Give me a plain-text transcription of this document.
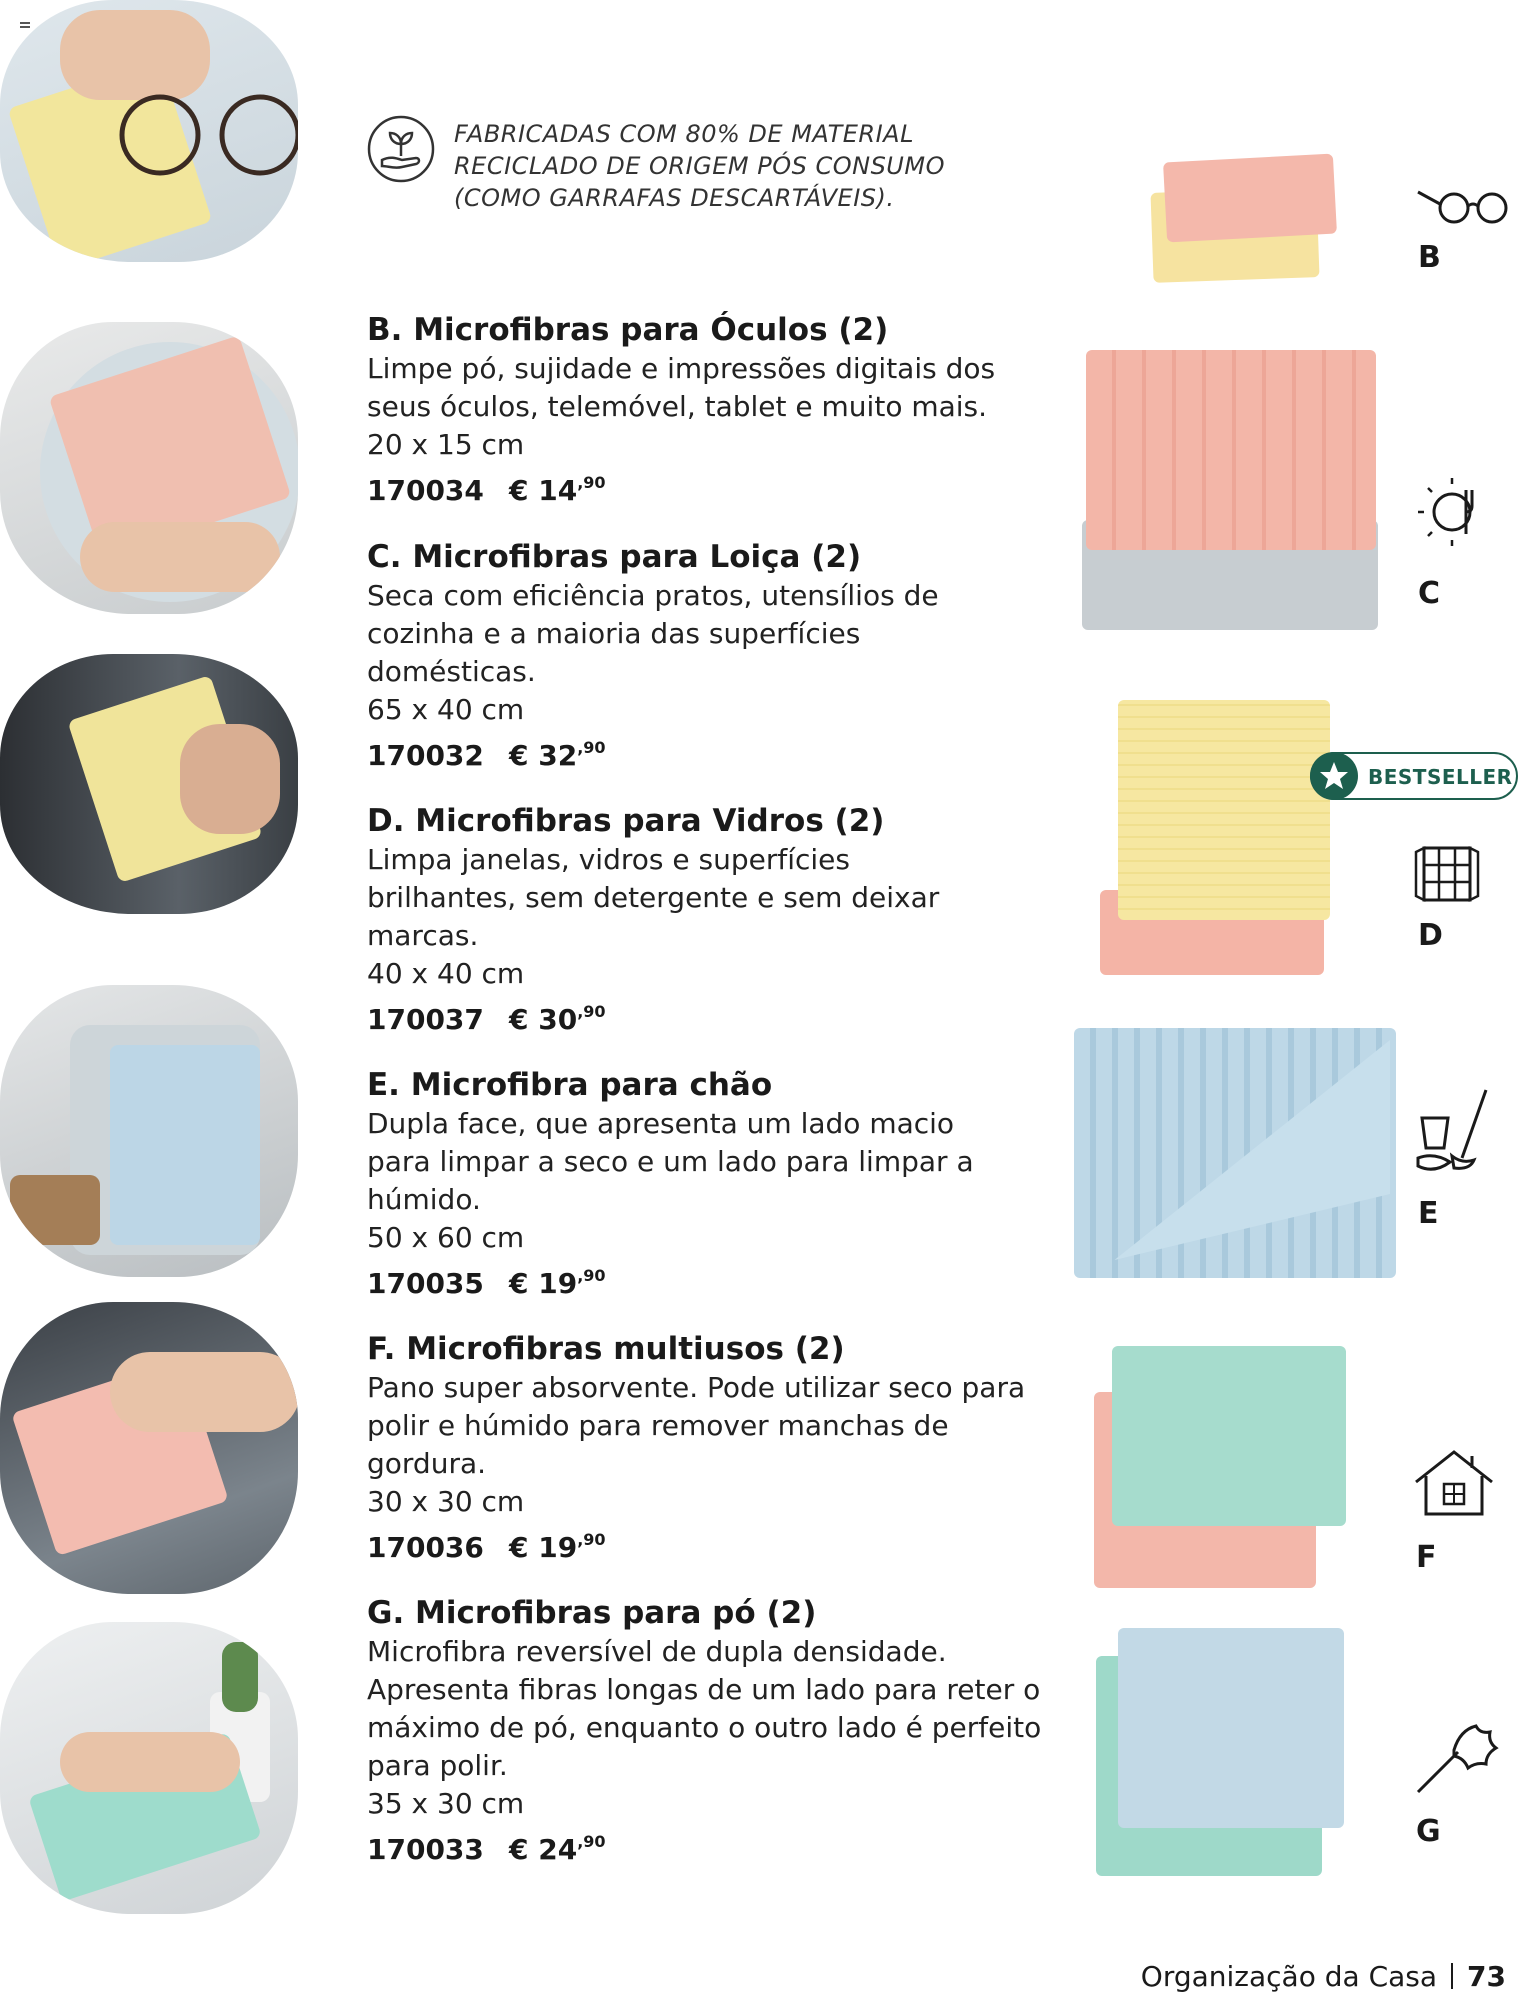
FABRICADAS COM 80% DE MATERIAL
RECICLADO DE ORIGEM PÓS CONSUMO
(COMO GARRAFAS DESCARTÁVEIS).
B. Microfibras para Óculos (2)
Limpe pó, sujidade e impressões digitais dos seus óculos, telemóvel, tablet e muito mais.
20 x 15 cm
170034 € $14^{,90}$
C. Microfibras para Loiça (2)
Seca com eficiência pratos, utensílios de cozinha e a maioria das superfícies domésticas.
65 x 40 cm
170032 € $32^{,90}$
D. Microfibras para Vidros (2)
Limpa janelas, vidros e superfícies brilhantes, sem detergente e sem deixar marcas.
40 x 40 cm
170037 € $30^{,90}$
E. Microfibra para chão
Dupla face, que apresenta um lado macio para limpar a seco e um lado para limpar a húmido.
50 x 60 cm
170035 € $19^{,90}$
F. Microfibras multiusos (2)
Pano super absorvente. Pode utilizar seco para polir e húmido para remover manchas de gordura.
30 x 30 cm
170036 € $19^{,90}$
G. Microfibras para pó (2)
Microfibra reversível de dupla densidade. Apresenta fibras longas de um lado para reter o máximo de pó, enquanto o outro lado é perfeito para polir.
35 x 30 cm
170033 € $24^{,90}$
BESTSELLER
B
C
D
E
F
G
Organização da Casa 73
